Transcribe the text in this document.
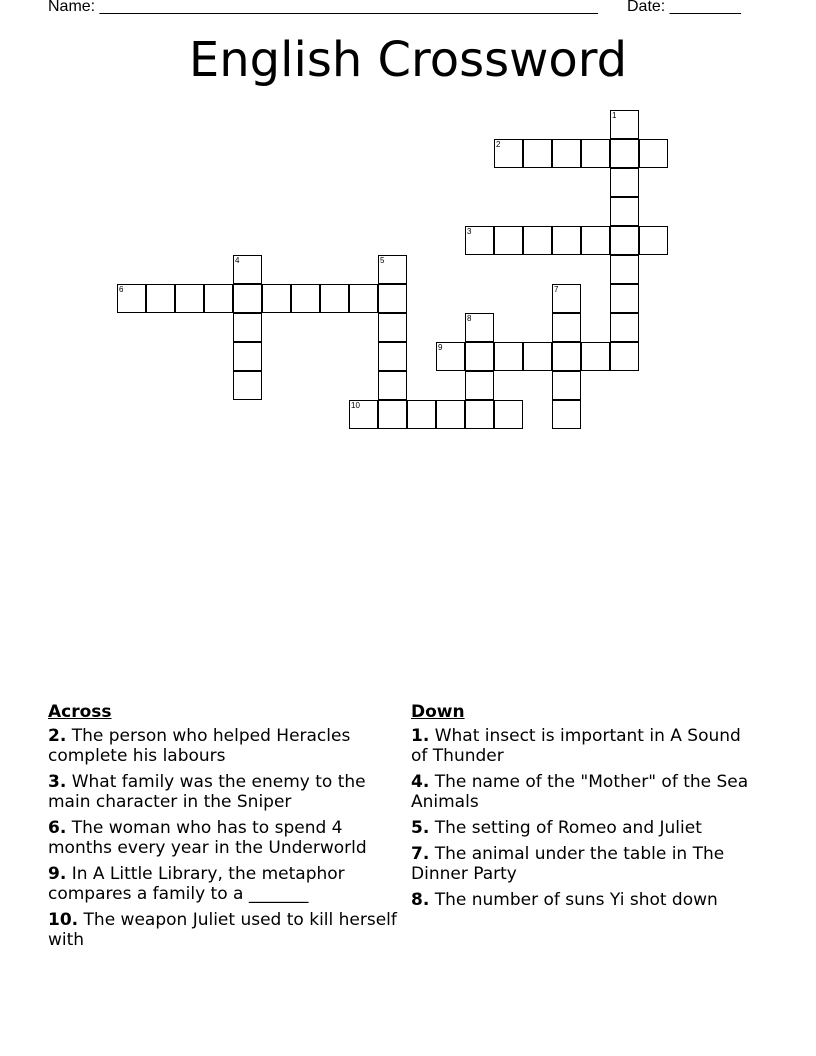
Name: ________________________________________________________ Date: ________
English Crossword
1
2
3
4	5
6	7
8
9
10
Across
2. The person who helped Heracles complete his labours
3. What family was the enemy to the main character in the Sniper
6. The woman who has to spend 4 months every year in the Underworld
9. In A Little Library, the metaphor compares a family to a _______
10. The weapon Juliet used to kill herself with
Down
1. What insect is important in A Sound of Thunder
4. The name of the "Mother" of the Sea Animals
5. The setting of Romeo and Juliet
7. The animal under the table in The Dinner Party
8. The number of suns Yi shot down
